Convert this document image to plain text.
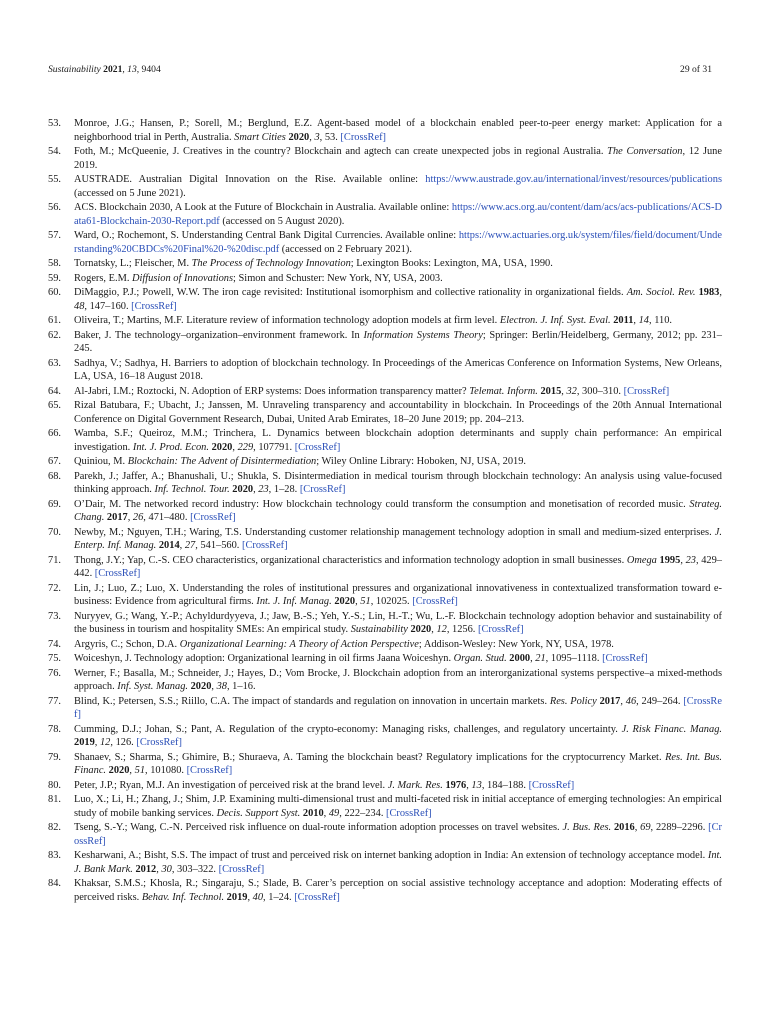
Sustainability 2021, 13, 9404	29 of 31
53. Monroe, J.G.; Hansen, P.; Sorell, M.; Berglund, E.Z. Agent-based model of a blockchain enabled peer-to-peer energy market: Application for a neighborhood trial in Perth, Australia. Smart Cities 2020, 3, 53. [CrossRef]
54. Foth, M.; McQueenie, J. Creatives in the country? Blockchain and agtech can create unexpected jobs in regional Australia. The Conversation, 12 June 2019.
55. AUSTRADE. Australian Digital Innovation on the Rise. Available online: https://www.austrade.gov.au/international/invest/resources/publications (accessed on 5 June 2021).
56. ACS. Blockchain 2030, A Look at the Future of Blockchain in Australia. Available online: https://www.acs.org.au/content/dam/acs/acs-publications/ACS-Data61-Blockchain-2030-Report.pdf (accessed on 5 August 2020).
57. Ward, O.; Rochemont, S. Understanding Central Bank Digital Currencies. Available online: https://www.actuaries.org.uk/system/files/field/document/Understanding%20CBDCs%20Final%20-%20disc.pdf (accessed on 2 February 2021).
58. Tornatsky, L.; Fleischer, M. The Process of Technology Innovation; Lexington Books: Lexington, MA, USA, 1990.
59. Rogers, E.M. Diffusion of Innovations; Simon and Schuster: New York, NY, USA, 2003.
60. DiMaggio, P.J.; Powell, W.W. The iron cage revisited: Institutional isomorphism and collective rationality in organizational fields. Am. Sociol. Rev. 1983, 48, 147–160. [CrossRef]
61. Oliveira, T.; Martins, M.F. Literature review of information technology adoption models at firm level. Electron. J. Inf. Syst. Eval. 2011, 14, 110.
62. Baker, J. The technology–organization–environment framework. In Information Systems Theory; Springer: Berlin/Heidelberg, Germany, 2012; pp. 231–245.
63. Sadhya, V.; Sadhya, H. Barriers to adoption of blockchain technology. In Proceedings of the Americas Conference on Information Systems, New Orleans, LA, USA, 16–18 August 2018.
64. Al-Jabri, I.M.; Roztocki, N. Adoption of ERP systems: Does information transparency matter? Telemat. Inform. 2015, 32, 300–310. [CrossRef]
65. Rizal Batubara, F.; Ubacht, J.; Janssen, M. Unraveling transparency and accountability in blockchain. In Proceedings of the 20th Annual International Conference on Digital Government Research, Dubai, United Arab Emirates, 18–20 June 2019; pp. 204–213.
66. Wamba, S.F.; Queiroz, M.M.; Trinchera, L. Dynamics between blockchain adoption determinants and supply chain performance: An empirical investigation. Int. J. Prod. Econ. 2020, 229, 107791. [CrossRef]
67. Quiniou, M. Blockchain: The Advent of Disintermediation; Wiley Online Library: Hoboken, NJ, USA, 2019.
68. Parekh, J.; Jaffer, A.; Bhanushali, U.; Shukla, S. Disintermediation in medical tourism through blockchain technology: An analysis using value-focused thinking approach. Inf. Technol. Tour. 2020, 23, 1–28. [CrossRef]
69. O’Dair, M. The networked record industry: How blockchain technology could transform the consumption and monetisation of recorded music. Strateg. Chang. 2017, 26, 471–480. [CrossRef]
70. Newby, M.; Nguyen, T.H.; Waring, T.S. Understanding customer relationship management technology adoption in small and medium-sized enterprises. J. Enterp. Inf. Manag. 2014, 27, 541–560. [CrossRef]
71. Thong, J.Y.; Yap, C.-S. CEO characteristics, organizational characteristics and information technology adoption in small businesses. Omega 1995, 23, 429–442. [CrossRef]
72. Lin, J.; Luo, Z.; Luo, X. Understanding the roles of institutional pressures and organizational innovativeness in contextualized transformation toward e-business: Evidence from agricultural firms. Int. J. Inf. Manag. 2020, 51, 102025. [CrossRef]
73. Nuryyev, G.; Wang, Y.-P.; Achyldurdyyeva, J.; Jaw, B.-S.; Yeh, Y.-S.; Lin, H.-T.; Wu, L.-F. Blockchain technology adoption behavior and sustainability of the business in tourism and hospitality SMEs: An empirical study. Sustainability 2020, 12, 1256. [CrossRef]
74. Argyris, C.; Schon, D.A. Organizational Learning: A Theory of Action Perspective; Addison-Wesley: New York, NY, USA, 1978.
75. Woiceshyn, J. Technology adoption: Organizational learning in oil firms Jaana Woiceshyn. Organ. Stud. 2000, 21, 1095–1118. [CrossRef]
76. Werner, F.; Basalla, M.; Schneider, J.; Hayes, D.; Vom Brocke, J. Blockchain adoption from an interorganizational systems perspective–a mixed-methods approach. Inf. Syst. Manag. 2020, 38, 1–16.
77. Blind, K.; Petersen, S.S.; Riillo, C.A. The impact of standards and regulation on innovation in uncertain markets. Res. Policy 2017, 46, 249–264. [CrossRef]
78. Cumming, D.J.; Johan, S.; Pant, A. Regulation of the crypto-economy: Managing risks, challenges, and regulatory uncertainty. J. Risk Financ. Manag. 2019, 12, 126. [CrossRef]
79. Shanaev, S.; Sharma, S.; Ghimire, B.; Shuraeva, A. Taming the blockchain beast? Regulatory implications for the cryptocurrency Market. Res. Int. Bus. Financ. 2020, 51, 101080. [CrossRef]
80. Peter, J.P.; Ryan, M.J. An investigation of perceived risk at the brand level. J. Mark. Res. 1976, 13, 184–188. [CrossRef]
81. Luo, X.; Li, H.; Zhang, J.; Shim, J.P. Examining multi-dimensional trust and multi-faceted risk in initial acceptance of emerging technologies: An empirical study of mobile banking services. Decis. Support Syst. 2010, 49, 222–234. [CrossRef]
82. Tseng, S.-Y.; Wang, C.-N. Perceived risk influence on dual-route information adoption processes on travel websites. J. Bus. Res. 2016, 69, 2289–2296. [CrossRef]
83. Kesharwani, A.; Bisht, S.S. The impact of trust and perceived risk on internet banking adoption in India: An extension of technology acceptance model. Int. J. Bank Mark. 2012, 30, 303–322. [CrossRef]
84. Khaksar, S.M.S.; Khosla, R.; Singaraju, S.; Slade, B. Carer’s perception on social assistive technology acceptance and adoption: Moderating effects of perceived risks. Behav. Inf. Technol. 2019, 40, 1–24. [CrossRef]
